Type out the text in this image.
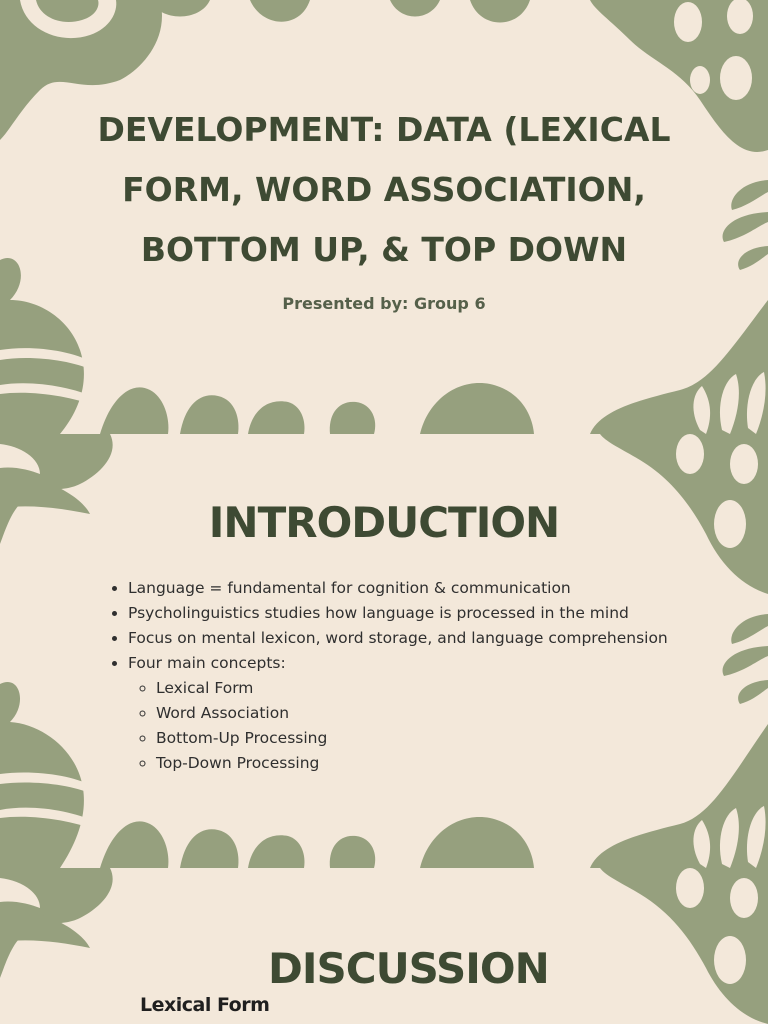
DEVELOPMENT: DATA (LEXICAL FORM, WORD ASSOCIATION, BOTTOM UP, & TOP DOWN
Presented by: Group 6
INTRODUCTION
• Language = fundamental for cognition & communication
• Psycholinguistics studies how language is processed in the mind
• Focus on mental lexicon, word storage, and language comprehension
• Four main concepts:
◦ Lexical Form
◦ Word Association
◦ Bottom-Up Processing
◦ Top-Down Processing
DISCUSSION
Lexical Form
